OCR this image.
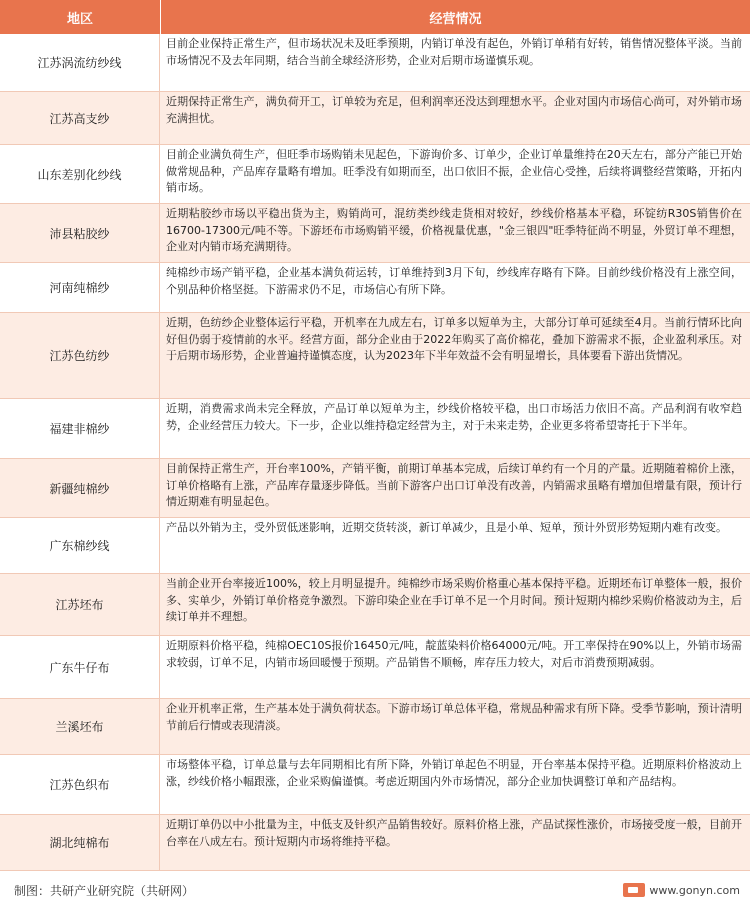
地区	经营情况
江苏涡流纺纱线
目前企业保持正常生产，但市场状况未及旺季预期，内销订单没有起色，外销订单稍有好转，销售情况整体平淡。当前市场情况不及去年同期，结合当前全球经济形势，企业对后期市场谨慎乐观。
江苏高支纱
近期保持正常生产，满负荷开工，订单较为充足，但利润率还没达到理想水平。企业对国内市场信心尚可，对外销市场充满担忧。
山东差别化纱线
目前企业满负荷生产，但旺季市场购销未见起色，下游询价多、订单少，企业订单量维持在20天左右，部分产能已开始做常规品种，产品库存量略有增加。旺季没有如期而至，出口依旧不振，企业信心受挫，后续将调整经营策略，开拓内销市场。
沛县粘胶纱
近期粘胶纱市场以平稳出货为主，购销尚可，混纺类纱线走货相对较好，纱线价格基本平稳，环锭纺R30S销售价在16700-17300元/吨不等。下游坯布市场购销平缓，价格视量优惠，"金三银四"旺季特征尚不明显，外贸订单不理想，企业对内销市场充满期待。
河南纯棉纱
纯棉纱市场产销平稳，企业基本满负荷运转，订单维持到3月下旬，纱线库存略有下降。目前纱线价格没有上涨空间，个别品种价格坚挺。下游需求仍不足，市场信心有所下降。
江苏色纺纱
近期，色纺纱企业整体运行平稳，开机率在九成左右，订单多以短单为主，大部分订单可延续至4月。当前行情环比向好但仍弱于疫情前的水平。经营方面，部分企业由于2022年购买了高价棉花，叠加下游需求不振，企业盈利承压。对于后期市场形势，企业普遍持谨慎态度，认为2023年下半年效益不会有明显增长，具体要看下游出货情况。
福建非棉纱
近期，消费需求尚未完全释放，产品订单以短单为主，纱线价格较平稳，出口市场活力依旧不高。产品利润有收窄趋势，企业经营压力较大。下一步，企业以维持稳定经营为主，对于未来走势，企业更多将希望寄托于下半年。
新疆纯棉纱
目前保持正常生产，开台率100%，产销平衡，前期订单基本完成，后续订单约有一个月的产量。近期随着棉价上涨，订单价格略有上涨，产品库存量逐步降低。当前下游客户出口订单没有改善，内销需求虽略有增加但增量有限，预计行情近期难有明显起色。
广东棉纱线
产品以外销为主，受外贸低迷影响，近期交货转淡，新订单减少，且是小单、短单，预计外贸形势短期内难有改变。
江苏坯布
当前企业开台率接近100%，较上月明显提升。纯棉纱市场采购价格重心基本保持平稳。近期坯布订单整体一般，报价多、实单少，外销订单价格竞争激烈。下游印染企业在手订单不足一个月时间。预计短期内棉纱采购价格波动为主，后续订单并不理想。
广东牛仔布
近期原料价格平稳，纯棉OEC10S报价16450元/吨，靛蓝染料价格64000元/吨。开工率保持在90%以上，外销市场需求较弱，订单不足，内销市场回暖慢于预期。产品销售不顺畅，库存压力较大，对后市消费预期减弱。
兰溪坯布
企业开机率正常，生产基本处于满负荷状态。下游市场订单总体平稳，常规品种需求有所下降。受季节影响，预计清明节前后行情或表现清淡。
江苏色织布
市场整体平稳，订单总量与去年同期相比有所下降，外销订单起色不明显，开台率基本保持平稳。近期原料价格波动上涨，纱线价格小幅跟涨，企业采购偏谨慎。考虑近期国内外市场情况，部分企业加快调整订单和产品结构。
湖北纯棉布
近期订单仍以中小批量为主，中低支及针织产品销售较好。原料价格上涨，产品试探性涨价，市场接受度一般，目前开台率在八成左右。预计短期内市场将维持平稳。
制图：共研产业研究院（共研网）	www.gonyn.com
